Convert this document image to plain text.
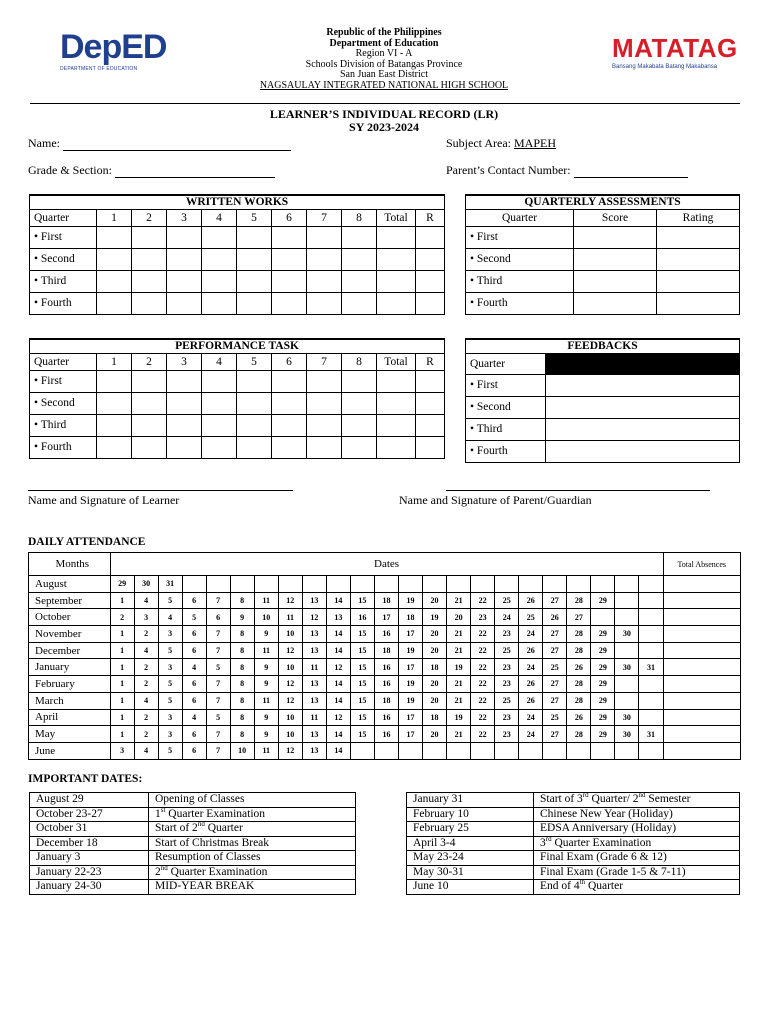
DepED
DEPARTMENT OF EDUCATION
MATATAG
Bansang Makabata Batang Makabansa
Republic of the Philippines
Department of Education
Region VI - A
Schools Division of Batangas Province
San Juan East District
NAGSAULAY INTEGRATED NATIONAL HIGH SCHOOL
LEARNER’S INDIVIDUAL RECORD (LR)
SY 2023-2024
Name:	Subject Area: MAPEH
Grade & Section:	Parent’s Contact Number:
WRITTEN WORKS										
Quarter	1	2	3	4	5	6	7	8	Total	R
• First										
• Second										
• Third										
• Fourth										
QUARTERLY ASSESSMENTS		
Quarter	Score	Rating
• First		
• Second		
• Third		
• Fourth		
PERFORMANCE TASK										
Quarter	1	2	3	4	5	6	7	8	Total	R
• First										
• Second										
• Third										
• Fourth										
FEEDBACKS	
Quarter	
• First	
• Second	
• Third	
• Fourth	
Name and Signature of Learner	Name and Signature of Parent/Guardian
DAILY ATTENDANCE
Months	Dates																							Total Absences
August	29	30	31																					
September	1	4	5	6	7	8	11	12	13	14	15	18	19	20	21	22	25	26	27	28	29			
October	2	3	4	5	6	9	10	11	12	13	16	17	18	19	20	23	24	25	26	27				
November	1	2	3	6	7	8	9	10	13	14	15	16	17	20	21	22	23	24	27	28	29	30		
December	1	4	5	6	7	8	11	12	13	14	15	18	19	20	21	22	25	26	27	28	29			
January	1	2	3	4	5	8	9	10	11	12	15	16	17	18	19	22	23	24	25	26	29	30	31	
February	1	2	5	6	7	8	9	12	13	14	15	16	19	20	21	22	23	26	27	28	29			
March	1	4	5	6	7	8	11	12	13	14	15	18	19	20	21	22	25	26	27	28	29			
April	1	2	3	4	5	8	9	10	11	12	15	16	17	18	19	22	23	24	25	26	29	30		
May	1	2	3	6	7	8	9	10	13	14	15	16	17	20	21	22	23	24	27	28	29	30	31	
June	3	4	5	6	7	10	11	12	13	14														
IMPORTANT DATES:
August 29	Opening of Classes
October 23-27	1st Quarter Examination
October 31	Start of 2nd Quarter
December 18	Start of Christmas Break
January 3	Resumption of Classes
January 22-23	2nd Quarter Examination
January 24-30	MID-YEAR BREAK
January 31	Start of 3rd Quarter/ 2nd Semester
February 10	Chinese New Year (Holiday)
February 25	EDSA Anniversary (Holiday)
April 3-4	3rd Quarter Examination
May 23-24	Final Exam (Grade 6 & 12)
May 30-31	Final Exam (Grade 1-5 & 7-11)
June 10	End of 4th Quarter
